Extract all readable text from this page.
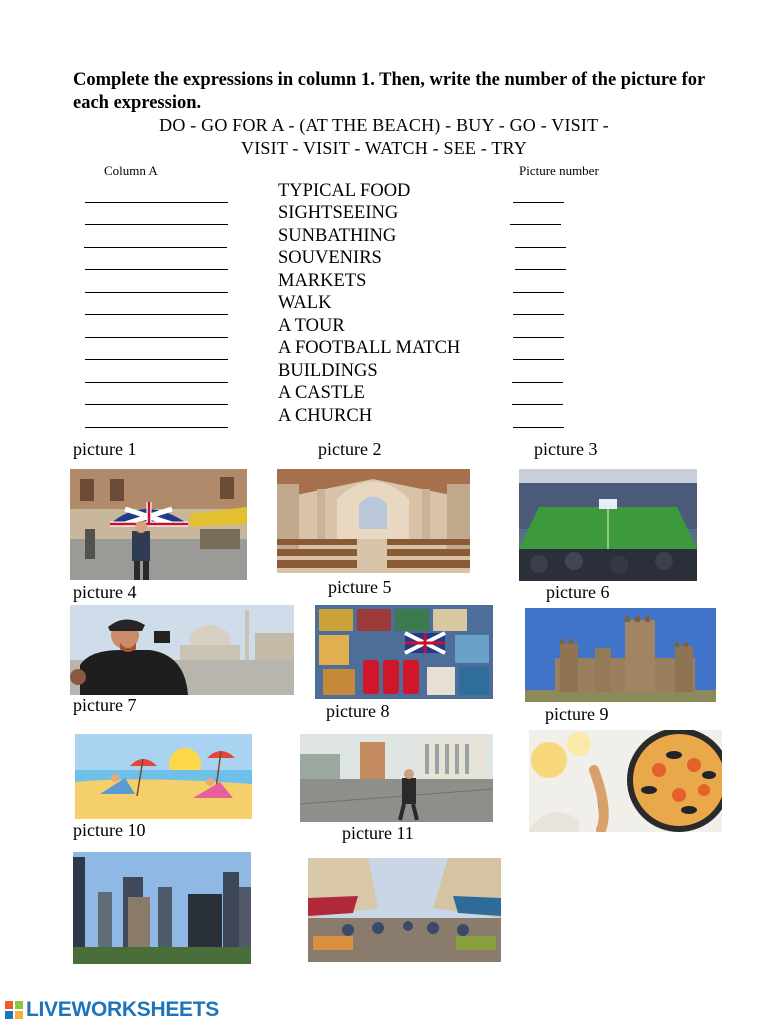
Complete the expressions in column 1. Then, write the number of the picture for each expression.
DO - GO FOR A - (AT THE BEACH) - BUY - GO - VISIT -
VISIT - VISIT - WATCH - SEE - TRY
Column A	Picture number
TYPICAL FOOD
SIGHTSEEING
SUNBATHING
SOUVENIRS
MARKETS
WALK
A TOUR
A FOOTBALL MATCH
BUILDINGS
A CASTLE
A CHURCH
picture 1	picture 2	picture 3
picture 4	picture 5	picture 6
picture 7	picture 8	picture 9
picture 10	picture 11
LIVEWORKSHEETS
